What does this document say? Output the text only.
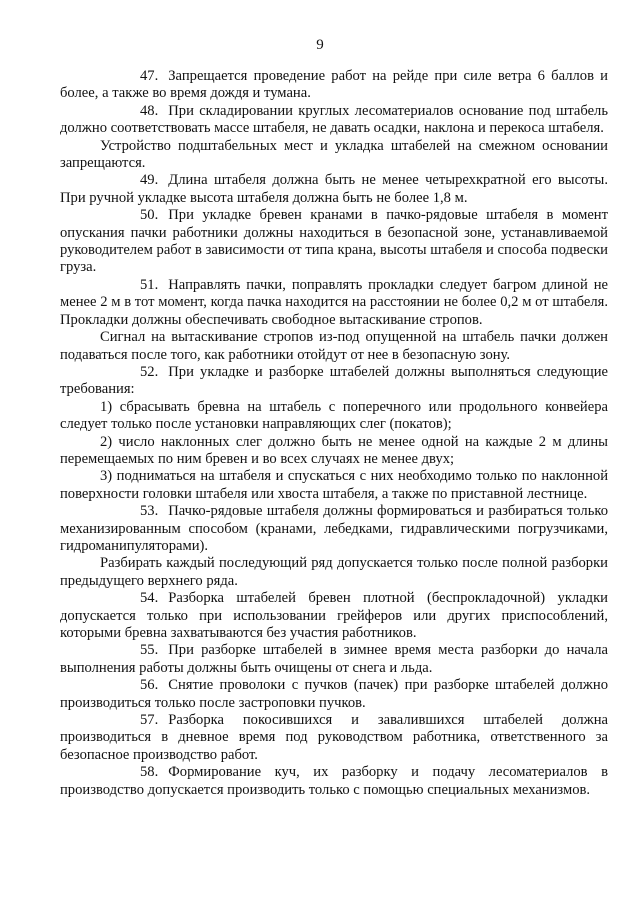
9

47. Запрещается проведение работ на рейде при силе ветра 6 баллов и более, а также во время дождя и тумана.

48. При складировании круглых лесоматериалов основание под штабель должно соответствовать массе штабеля, не давать осадки, наклона и перекоса штабеля.

Устройство подштабельных мест и укладка штабелей на смежном основании запрещаются.

49. Длина штабеля должна быть не менее четырехкратной его высоты. При ручной укладке высота штабеля должна быть не более 1,8 м.

50. При укладке бревен кранами в пачко-рядовые штабеля в момент опускания пачки работники должны находиться в безопасной зоне, устанавливаемой руководителем работ в зависимости от типа крана, высоты штабеля и способа подвески груза.

51. Направлять пачки, поправлять прокладки следует багром длиной не менее 2 м в тот момент, когда пачка находится на расстоянии не более 0,2 м от штабеля. Прокладки должны обеспечивать свободное вытаскивание стропов.

Сигнал на вытаскивание стропов из-под опущенной на штабель пачки должен подаваться после того, как работники отойдут от нее в безопасную зону.

52. При укладке и разборке штабелей должны выполняться следующие требования:

1) сбрасывать бревна на штабель с поперечного или продольного конвейера следует только после установки направляющих слег (покатов);

2) число наклонных слег должно быть не менее одной на каждые 2 м длины перемещаемых по ним бревен и во всех случаях не менее двух;

3) подниматься на штабеля и спускаться с них необходимо только по наклонной поверхности головки штабеля или хвоста штабеля, а также по приставной лестнице.

53. Пачко-рядовые штабеля должны формироваться и разбираться только механизированным способом (кранами, лебедками, гидравлическими погрузчиками, гидроманипуляторами).

Разбирать каждый последующий ряд допускается только после полной разборки предыдущего верхнего ряда.

54. Разборка штабелей бревен плотной (беспрокладочной) укладки допускается только при использовании грейферов или других приспособлений, которыми бревна захватываются без участия работников.

55. При разборке штабелей в зимнее время места разборки до начала выполнения работы должны быть очищены от снега и льда.

56. Снятие проволоки с пучков (пачек) при разборке штабелей должно производиться только после застроповки пучков.

57. Разборка покосившихся и завалившихся штабелей должна производиться в дневное время под руководством работника, ответственного за безопасное производство работ.

58. Формирование куч, их разборку и подачу лесоматериалов в производство допускается производить только с помощью специальных механизмов.
